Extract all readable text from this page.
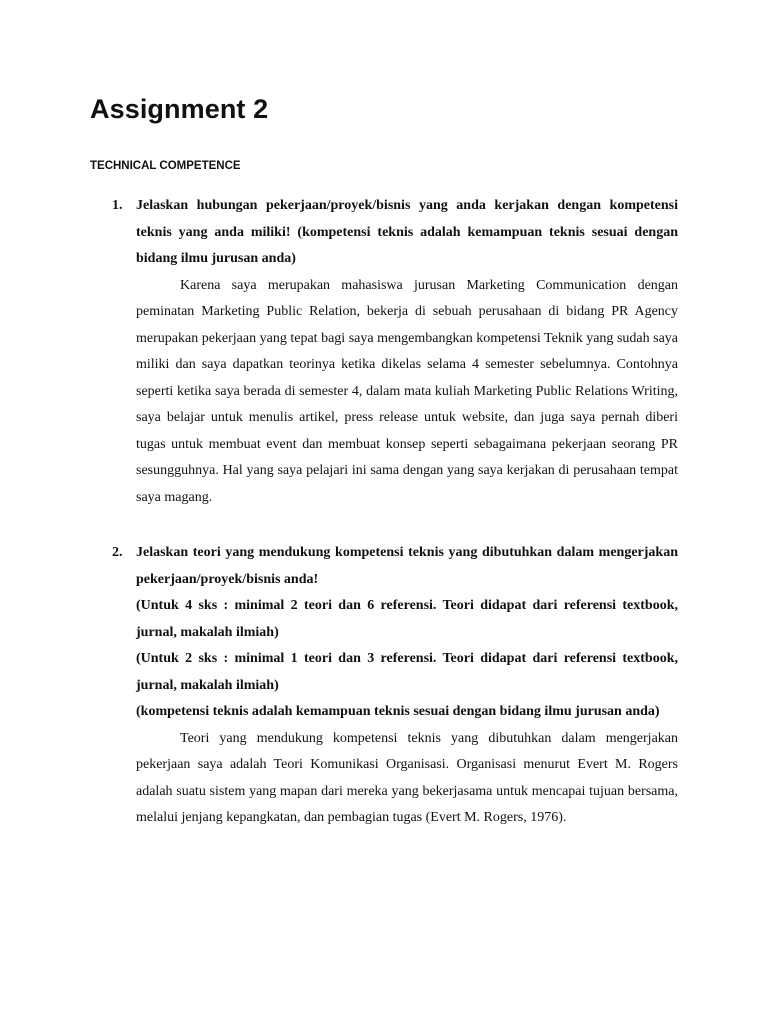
Assignment 2
TECHNICAL COMPETENCE
1. Jelaskan hubungan pekerjaan/proyek/bisnis yang anda kerjakan dengan kompetensi teknis yang anda miliki! (kompetensi teknis adalah kemampuan teknis sesuai dengan bidang ilmu jurusan anda)

Karena saya merupakan mahasiswa jurusan Marketing Communication dengan peminatan Marketing Public Relation, bekerja di sebuah perusahaan di bidang PR Agency merupakan pekerjaan yang tepat bagi saya mengembangkan kompetensi Teknik yang sudah saya miliki dan saya dapatkan teorinya ketika dikelas selama 4 semester sebelumnya. Contohnya seperti ketika saya berada di semester 4, dalam mata kuliah Marketing Public Relations Writing, saya belajar untuk menulis artikel, press release untuk website, dan juga saya pernah diberi tugas untuk membuat event dan membuat konsep seperti sebagaimana pekerjaan seorang PR sesungguhnya. Hal yang saya pelajari ini sama dengan yang saya kerjakan di perusahaan tempat saya magang.

2. Jelaskan teori yang mendukung kompetensi teknis yang dibutuhkan dalam mengerjakan pekerjaan/proyek/bisnis anda!

(Untuk 4 sks : minimal 2 teori dan 6 referensi. Teori didapat dari referensi textbook, jurnal, makalah ilmiah)

(Untuk 2 sks : minimal 1 teori dan 3 referensi. Teori didapat dari referensi textbook, jurnal, makalah ilmiah)

(kompetensi teknis adalah kemampuan teknis sesuai dengan bidang ilmu jurusan anda)

Teori yang mendukung kompetensi teknis yang dibutuhkan dalam mengerjakan pekerjaan saya adalah Teori Komunikasi Organisasi. Organisasi menurut Evert M. Rogers adalah suatu sistem yang mapan dari mereka yang bekerjasama untuk mencapai tujuan bersama, melalui jenjang kepangkatan, dan pembagian tugas (Evert M. Rogers, 1976).
